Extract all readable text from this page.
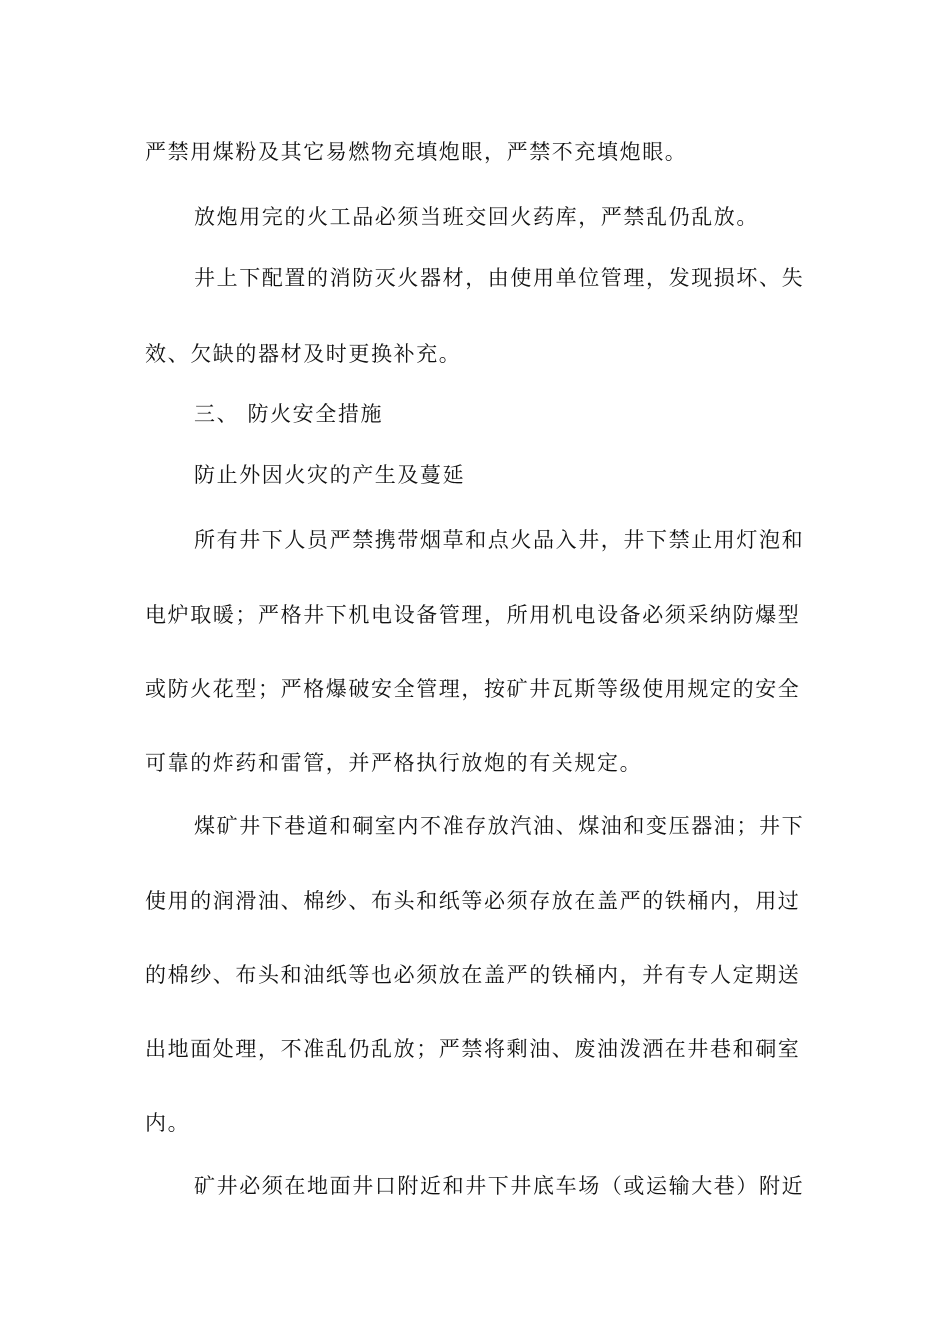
严禁用煤粉及其它易燃物充填炮眼，严禁不充填炮眼。
放炮用完的火工品必须当班交回火药库，严禁乱仍乱放。
井上下配置的消防灭火器材，由使用单位管理，发现损坏、失
效、欠缺的器材及时更换补充。
三、 防火安全措施
防止外因火灾的产生及蔓延
所有井下人员严禁携带烟草和点火品入井，井下禁止用灯泡和
电炉取暖；严格井下机电设备管理，所用机电设备必须采纳防爆型
或防火花型；严格爆破安全管理，按矿井瓦斯等级使用规定的安全
可靠的炸药和雷管，并严格执行放炮的有关规定。
煤矿井下巷道和硐室内不准存放汽油、煤油和变压器油；井下
使用的润滑油、棉纱、布头和纸等必须存放在盖严的铁桶内，用过
的棉纱、布头和油纸等也必须放在盖严的铁桶内，并有专人定期送
出地面处理，不准乱仍乱放；严禁将剩油、废油泼洒在井巷和硐室
内。
矿井必须在地面井口附近和井下井底车场（或运输大巷）附近
